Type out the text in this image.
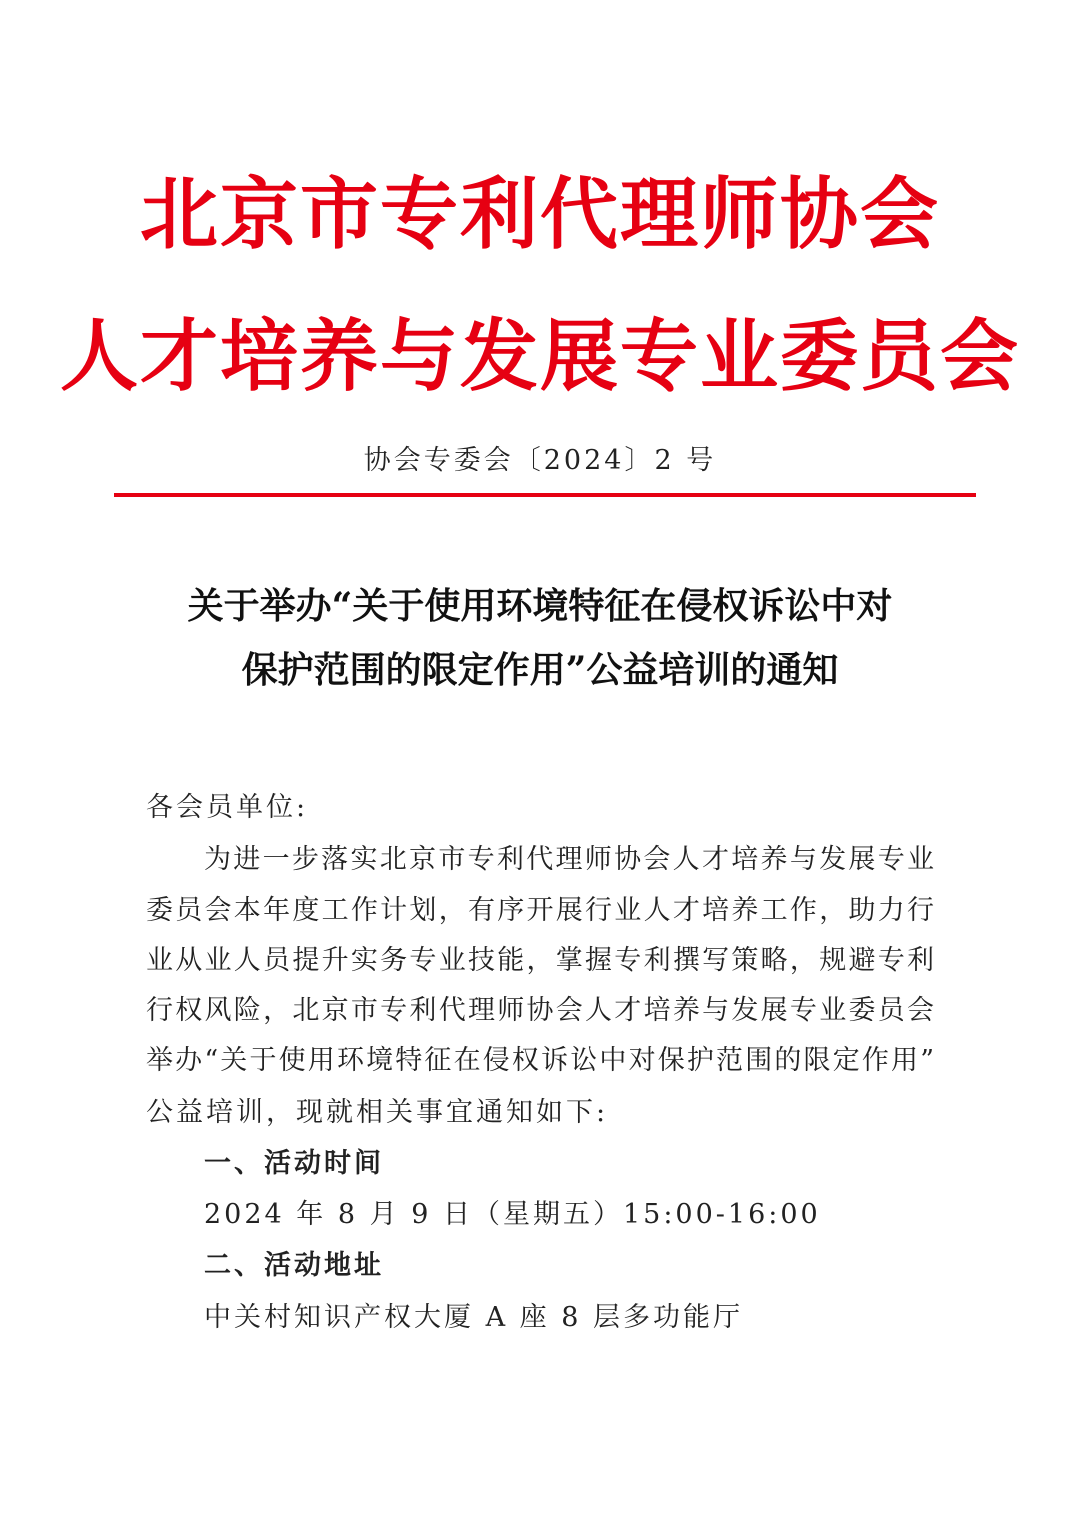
北京市专利代理师协会
人才培养与发展专业委员会
协会专委会〔2024〕2 号
关于举办“关于使用环境特征在侵权诉讼中对
保护范围的限定作用”公益培训的通知
各会员单位:
为进一步落实北京市专利代理师协会人才培养与发展专业
委员会本年度工作计划，有序开展行业人才培养工作，助力行
业从业人员提升实务专业技能，掌握专利撰写策略，规避专利
行权风险，北京市专利代理师协会人才培养与发展专业委员会
举办“关于使用环境特征在侵权诉讼中对保护范围的限定作用”
公益培训，现就相关事宜通知如下:
一、活动时间
2024 年 8 月 9 日（星期五）15:00-16:00
二、活动地址
中关村知识产权大厦 A 座 8 层多功能厅
